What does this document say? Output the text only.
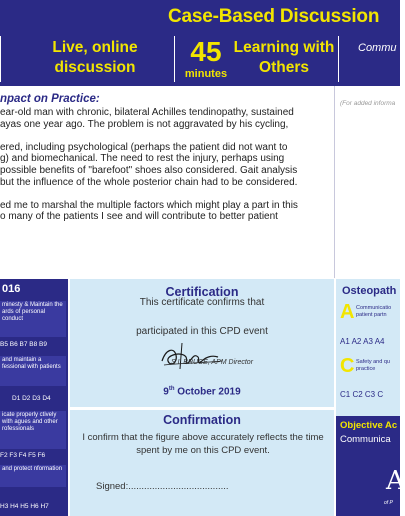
Case-Based Discussion
Live, online discussion
45
minutes
Learning with Others
Commu
npact on Practice:

ear-old man with chronic, bilateral Achilles tendinopathy, sustained

ayas one year ago. The problem is not aggravated by his cycling,

ered, including psychological (perhaps the patient did not want to

g) and biomechanical. The need to rest the injury, perhaps using

possible benefits of "barefoot" shoes also considered. Gait analysis

but the influence of the whole posterior chain had to be considered.

ed me to marshal the multiple factors which might play a part in this

o many of the patients I see and will contribute to better patient

(For added informa
016
minesty & Maintain the ards of personal conduct
B5 B6 B7 B8 B9
and maintain a fessional with patients
D1 D2 D3 D4
icate properly ctively with agues and other rofessionals
F2 F3 F4 F5 F6
and protect nformation
H3 H4 H5 H6 H7
Certification
This certificate confirms that
participated in this CPD event
S L BRUCE, APM Director
9th October 2019
Confirmation
I confirm that the figure above accurately reflects the time spent by me on this CPD event.
Signed:......................................
Osteopath
A Communicatio patient partn
A1 A2 A3 A4
C Safety and qu practice
C1 C2 C3 C
Objective Ac
Communica
A
of P
